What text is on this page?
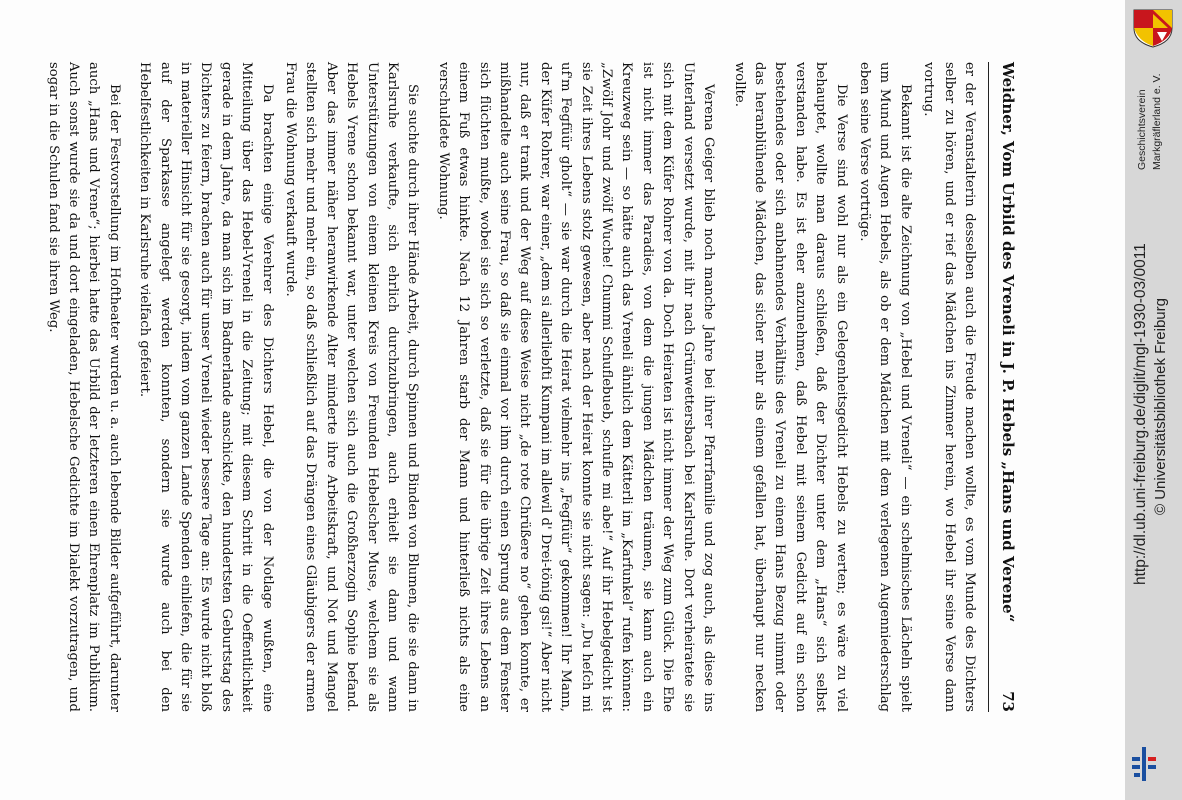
Weidner, Vom Urbild des Vreneli in J. P. Hebels „Hans und Verene“
73

er der Veranstalterin desselben auch die Freude machen wollte, es vom Munde des Dichters selber zu hören, und er rief das Mädchen ins Zimmer herein, wo Hebel ihr seine Verse dann vortrug.

Bekannt ist die alte Zeichnung von „Hebel und Vreneli“ — ein schelmisches Lächeln spielt um Mund und Augen Hebels, als ob er dem Mädchen mit dem verlegenen Augenniederschlag eben seine Verse vortrüge.

Die Verse sind wohl nur als ein Gelegenheitsgedicht Hebels zu werten; es wäre zu viel behauptet, wollte man daraus schließen, daß der Dichter unter dem „Hans“ sich selbst verstanden habe. Es ist eher anzunehmen, daß Hebel mit seinem Gedicht auf ein schon bestehendes oder sich anbahnendes Verhältnis des Vreneli zu einem Hans Bezug nimmt oder das heranblühende Mädchen, das sicher mehr als einem gefallen hat, überhaupt nur necken wollte.

Verena Geiger blieb noch manche Jahre bei ihrer Pfarrfamilie und zog auch, als diese ins Unterland versetzt wurde, mit ihr nach Grünwettersbach bei Karlsruhe. Dort verheiratete sie sich mit dem Küfer Rohrer von da. Doch Heiraten ist nicht immer der Weg zum Glück. Die Ehe ist nicht immer das Paradies, von dem die jungen Mädchen träumen, sie kann auch ein Kreuzweg sein — so hätte auch das Vreneli ähnlich dem Kätterli im „Karfunkel“ rufen können: „Zwölf Johr und zwölf Wuche! Chummi Schuflebueb, schufle mi abe!“ Auf ihr Hebelgedicht ist sie Zeit ihres Lebens stolz gewesen, aber nach der Heirat konnte sie nicht sagen: „Du heſch mi uf'm Fegfüür gholt“ — sie war durch die Heirat vielmehr ins „Fegfüür“ gekommen! Ihr Mann, der Küfer Rohrer, war einer, „dem si allerliebſti Kumpani im allewil d' Drei-tönig gsi!“ Aber nicht nur, daß er trank und der Weg auf diese Weise nicht „de rote Chrüßere no“ gehen konnte, er mißhandelte auch seine Frau, so daß sie einmal vor ihm durch einen Sprung aus dem Fenster sich flüchten mußte, wobei sie sich so verletzte, daß sie für die übrige Zeit ihres Lebens an einem Fuß etwas hinkte. Nach 12 Jahren starb der Mann und hinterließ nichts als eine verschuldete Wohnung.

Sie suchte durch ihrer Hände Arbeit, durch Spinnen und Binden von Blumen, die sie dann in Karlsruhe verkaufte, sich ehrlich durchzubringen, auch erhielt sie dann und wann Unterstützungen von einem kleinen Kreis von Freunden Hebelscher Muse, welchem sie als Hebels Vrene schon bekannt war, unter welchen sich auch die Großherzogin Sophie befand. Aber das immer näher heranwirkende Alter minderte ihre Arbeitskraft, und Not und Mangel stellten sich mehr und mehr ein, so daß schließlich auf das Drängen eines Gläubigers der armen Frau die Wohnung verkauft wurde.

Da brachten einige Verehrer des Dichters Hebel, die von der Notlage wußten, eine Mitteilung über das Hebel-Vreneli in die Zeitung; mit diesem Schritt in die Oeffentlichkeit gerade in dem Jahre, da man sich im Badnerlande anschickte, den hundertsten Geburtstag des Dichters zu feiern, brachen auch für unser Vreneli wieder bessere Tage an: Es wurde nicht bloß in materieller Hinsicht für sie gesorgt, indem vom ganzen Lande Spenden einliefen, die für sie auf der Sparkasse angelegt werden konnten, sondern sie wurde auch bei den Hebelfestlichkeiten in Karlsruhe vielfach gefeiert.

Bei der Festvorstellung im Hoftheater wurden u. a. auch lebende Bilder aufgeführt, darunter auch „Hans und Vrene“; hierbei hatte das Urbild der letzteren einen Ehrenplatz im Publikum. Auch sonst wurde sie da und dort eingeladen, Hebelsche Gedichte im Dialekt vorzutragen, und sogar in die Schulen fand sie ihren Weg.	Geschichtsverein Markgräflerland e. V.
http://dl.ub.uni-freiburg.de/diglit/mgl-1930-03/0011 © Universitätsbibliothek Freiburg
